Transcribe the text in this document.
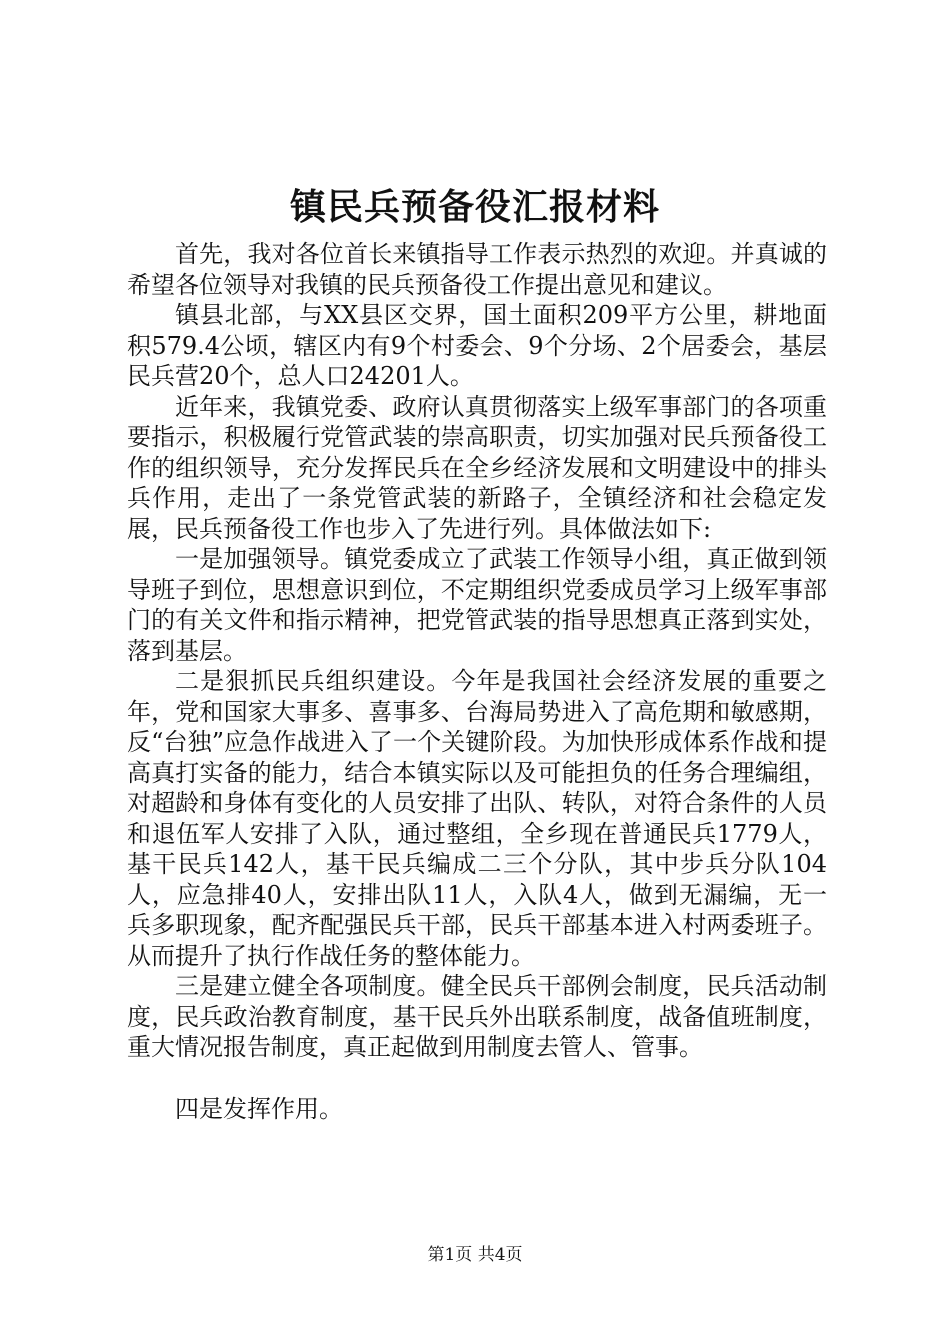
镇民兵预备役汇报材料

首先，我对各位首长来镇指导工作表示热烈的欢迎。并真诚的希望各位领导对我镇的民兵预备役工作提出意见和建议。

镇县北部，与XX县区交界，国土面积209平方公里，耕地面积579.4公顷，辖区内有9个村委会、9个分场、2个居委会，基层民兵营20个，总人口24201人。

近年来，我镇党委、政府认真贯彻落实上级军事部门的各项重要指示，积极履行党管武装的崇高职责，切实加强对民兵预备役工作的组织领导，充分发挥民兵在全乡经济发展和文明建设中的排头兵作用，走出了一条党管武装的新路子，全镇经济和社会稳定发展，民兵预备役工作也步入了先进行列。具体做法如下:

一是加强领导。镇党委成立了武装工作领导小组，真正做到领导班子到位，思想意识到位，不定期组织党委成员学习上级军事部门的有关文件和指示精神，把党管武装的指导思想真正落到实处，落到基层。

二是狠抓民兵组织建设。今年是我国社会经济发展的重要之年，党和国家大事多、喜事多、台海局势进入了高危期和敏感期，反“台独”应急作战进入了一个关键阶段。为加快形成体系作战和提高真打实备的能力，结合本镇实际以及可能担负的任务合理编组，对超龄和身体有变化的人员安排了出队、转队，对符合条件的人员和退伍军人安排了入队，通过整组，全乡现在普通民兵1779人，基干民兵142人，基干民兵编成二三个分队，其中步兵分队104人，应急排40人，安排出队11人，入队4人，做到无漏编，无一兵多职现象，配齐配强民兵干部，民兵干部基本进入村两委班子。从而提升了执行作战任务的整体能力。

三是建立健全各项制度。健全民兵干部例会制度，民兵活动制度，民兵政治教育制度，基干民兵外出联系制度，战备值班制度，重大情况报告制度，真正起做到用制度去管人、管事。

四是发挥作用。

第1页 共4页
